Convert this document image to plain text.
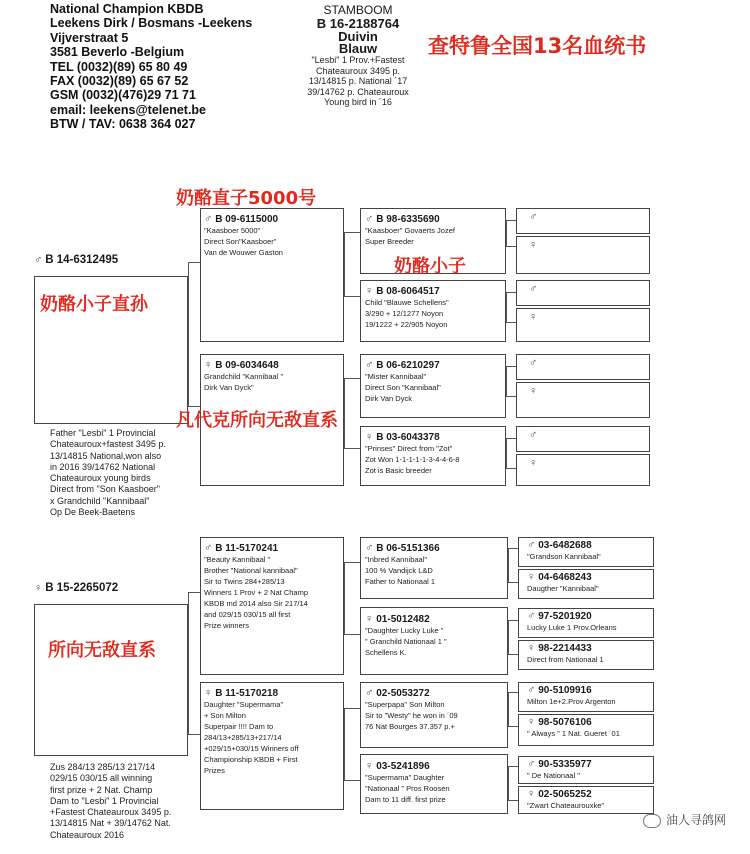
National Champion KBDB
Leekens Dirk / Bosmans -Leekens
Vijverstraat 5
3581 Beverlo -Belgium
TEL (0032)(89) 65 80 49
FAX (0032)(89) 65 67 52
GSM (0032)(476)29 71 71
email: leekens@telenet.be
BTW / TAV: 0638 364 027
STAMBOOM
B 16-2188764
Duivin
Blauw
"Lesbi" 1 Prov.+Fastest
Chateauroux 3495 p.
13/14815 p. National ´17
39/14762 p. Chateauroux
Young bird in ´16
查特鲁全国13名血统书
♂ B 14-6312495
Father "Lesbi" 1 Provincial
Chateauroux+fastest 3495 p.
13/14815 National,won also
in 2016 39/14762 National
Chateauroux young birds
Direct from "Son Kaasboer"
x Grandchild "Kannibaal"
Op De Beek-Baetens
♀ B 15-2265072
Zus 284/13 285/13 217/14
029/15 030/15 all winning
first prize + 2 Nat. Champ
Dam to "Lesbi" 1 Provincial
+Fastest Chateauroux 3495 p.
13/14815 Nat + 39/14762 Nat.
Chateauroux 2016
♂ B 09-6115000
"Kaasboer 5000"
Direct Son"Kaasboer"
Van de Wouwer Gaston
♀ B 09-6034648
Grandchild "Kannibaal "
Dirk Van Dyck"
♂ B 11-5170241
"Beauty Kannibaal "
Brother "National kannibaal"
Sir to Twins 284+285/13
Winners 1 Prov + 2 Nat Champ
KBDB md 2014 also Sir 217/14
and 029/15 030/15 all first
Prize winners
♀ B 11-5170218
Daughter "Supermama"
+ Son Milton
Superpair !!!! Dam to
284/13+285/13+217/14
+029/15+030/15 Winners off
Championship KBDB + First
Prizes
♂ B 98-6335690
"Kaasboer" Govaerts Jozef
Super Breeder
♀ B 08-6064517
Child "Blauwe Schellens"
3/290 + 12/1277 Noyon
19/1222 + 22/905 Noyon
♂ B 06-6210297
"Mister Kannibaal"
Direct Son "Kannibaal"
Dirk Van Dyck
♀ B 03-6043378
"Prinses" Direct from "Zot"
Zot Won 1-1-1-1-1-3-4-4-6-8
Zot is Basic breeder
♂ B 06-5151366
"Inbred Kannibaal"
100 % Vandijck L&D
Father to Nationaal 1
♀ 01-5012482
"Daughter Lucky Luke "
" Granchild Nationaal 1 "
Schellens K.
♂ 02-5053272
"Superpapa" Son Milton
Sir to "Westy" he won in ´09
76 Nat Bourges 37.357 p.+
♀ 03-5241896
"Supermama" Daughter
"Nationaal " Pros Roosen
Dam to 11 diff. first prize
♂
♀
♂
♀
♂
♀
♂
♀
♂ 03-6482688
"Grandson Kannibaal"
♀ 04-6468243
Daugther "Kannibaal"
♂ 97-5201920
Lucky Luke 1 Prov.Orleans
♀ 98-2214433
Direct from Nationaal 1
♂ 90-5109916
Milton 1e+2.Prov Argenton
♀ 98-5076106
" Always " 1 Nat. Gueret ´01
♂ 90-5335977
" De Nationaal "
♀ 02-5065252
"Zwart Chateaurouxke"
奶酪直子5000号
奶酪小子
奶酪小子直孙
凡代克所向无敌直系
所向无敌直系
油人寻鸽网
